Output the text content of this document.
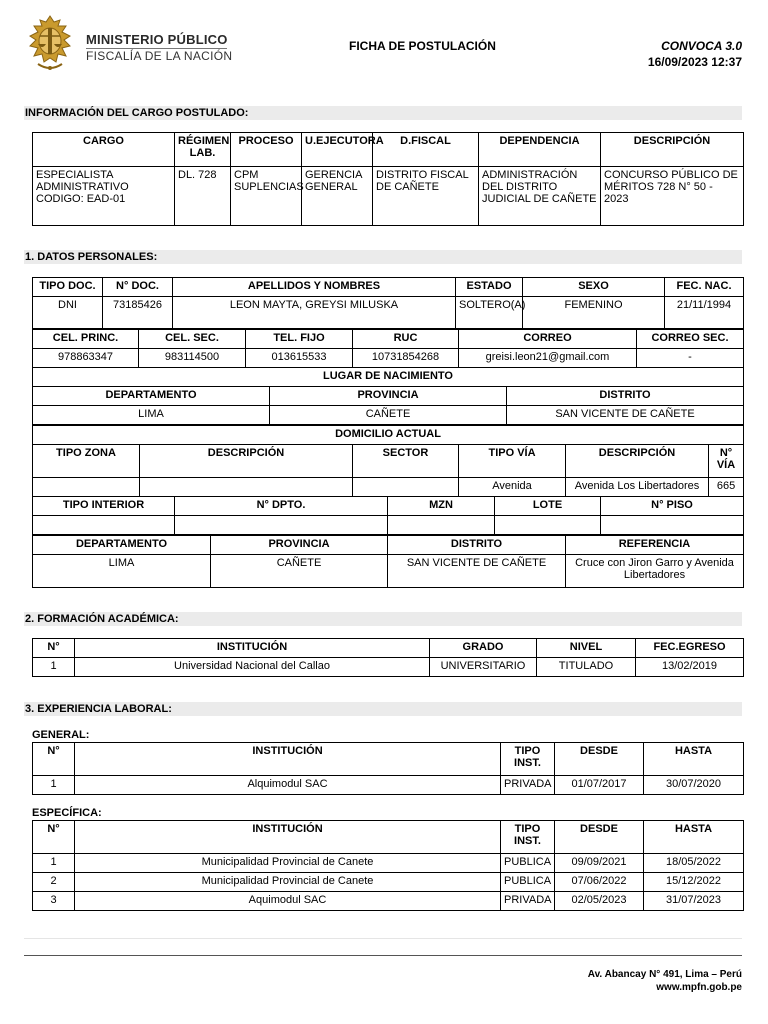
MINISTERIO PÚBLICO
FISCALÍA DE LA NACIÓN
FICHA DE POSTULACIÓN	CONVOCA 3.0
16/09/2023 12:37
INFORMACIÓN DEL CARGO POSTULADO:
CARGO	RÉGIMEN LAB.	PROCESO	U.EJECUTORA	D.FISCAL	DEPENDENCIA	DESCRIPCIÓN
ESPECIALISTA ADMINISTRATIVO CODIGO: EAD-01	DL. 728	CPM SUPLENCIAS	GERENCIA GENERAL	DISTRITO FISCAL DE CAÑETE	ADMINISTRACIÓN DEL DISTRITO JUDICIAL DE CAÑETE	CONCURSO PÚBLICO DE MÉRITOS 728 N° 50 - 2023
1. DATOS PERSONALES:
TIPO DOC.	N° DOC.	APELLIDOS Y NOMBRES	ESTADO	SEXO	FEC. NAC.
DNI	73185426	LEON MAYTA, GREYSI MILUSKA	SOLTERO(A)	FEMENINO	21/11/1994
CEL. PRINC.	CEL. SEC.	TEL. FIJO	RUC	CORREO	CORREO SEC.
978863347	983114500	013615533	10731854268	greisi.leon21@gmail.com	-
LUGAR DE NACIMIENTO		
DEPARTAMENTO	PROVINCIA	DISTRITO
LIMA	CAÑETE	SAN VICENTE DE CAÑETE
DOMICILIO ACTUAL					
TIPO ZONA	DESCRIPCIÓN	SECTOR	TIPO VÍA	DESCRIPCIÓN	N° VÍA
			Avenida	Avenida Los Libertadores	665
TIPO INTERIOR	N° DPTO.	MZN	LOTE	N° PISO

DEPARTAMENTO	PROVINCIA	DISTRITO	REFERENCIA
LIMA	CAÑETE	SAN VICENTE DE CAÑETE	Cruce con Jiron Garro y Avenida Libertadores
2. FORMACIÓN ACADÉMICA:
N°	INSTITUCIÓN	GRADO	NIVEL	FEC.EGRESO
1	Universidad Nacional del Callao	UNIVERSITARIO	TITULADO	13/02/2019
3. EXPERIENCIA LABORAL:
GENERAL:
N°	INSTITUCIÓN	TIPO INST.	DESDE	HASTA
1	Alquimodul SAC	PRIVADA	01/07/2017	30/07/2020
ESPECÍFICA:
N°	INSTITUCIÓN	TIPO INST.	DESDE	HASTA
1	Municipalidad Provincial de Canete	PUBLICA	09/09/2021	18/05/2022
2	Municipalidad Provincial de Canete	PUBLICA	07/06/2022	15/12/2022
3	Aquimodul SAC	PRIVADA	02/05/2023	31/07/2023
Av. Abancay N° 491, Lima – Perú
www.mpfn.gob.pe
